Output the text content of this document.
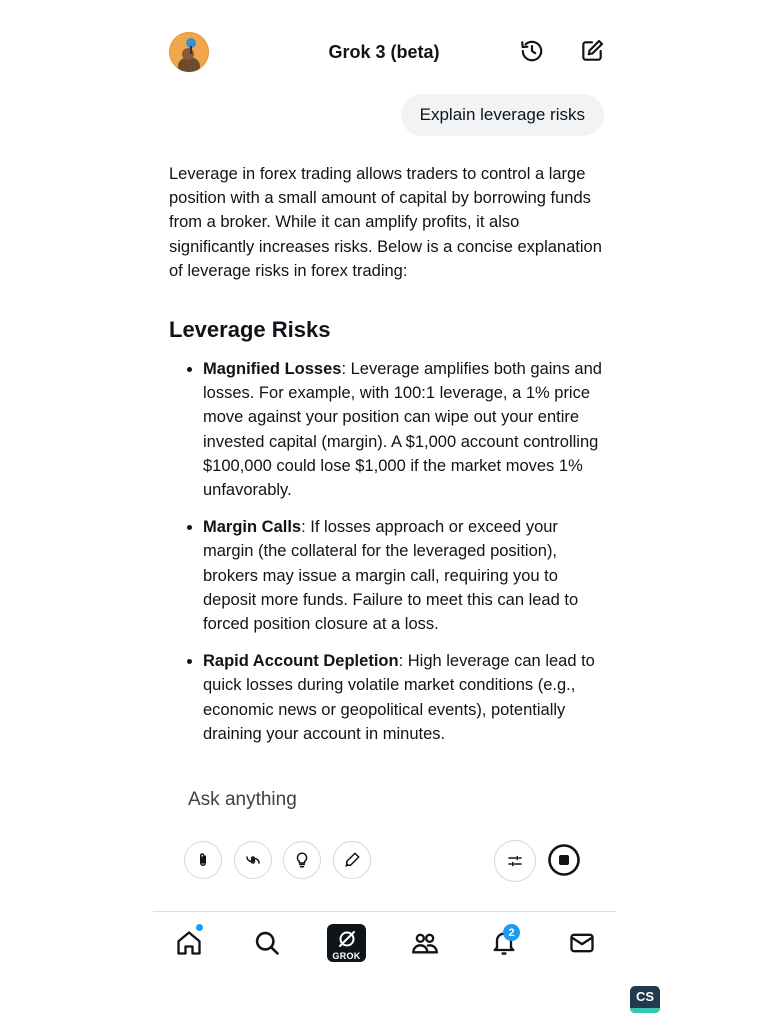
Grok 3 (beta)
Explain leverage risks

Leverage in forex trading allows traders to control a large position with a small amount of capital by borrowing funds from a broker. While it can amplify profits, it also significantly increases risks. Below is a concise explanation of leverage risks in forex trading:

Leverage Risks
• Magnified Losses: Leverage amplifies both gains and losses. For example, with 100:1 leverage, a 1% price move against your position can wipe out your entire invested capital (margin). A $1,000 account controlling $100,000 could lose $1,000 if the market moves 1% unfavorably.
• Margin Calls: If losses approach or exceed your margin (the collateral for the leveraged position), brokers may issue a margin call, requiring you to deposit more funds. Failure to meet this can lead to forced position closure at a loss.
• Rapid Account Depletion: High leverage can lead to quick losses during volatile market conditions (e.g., economic news or geopolitical events), potentially draining your account in minutes.
Ask anything
GROK
2
CS
